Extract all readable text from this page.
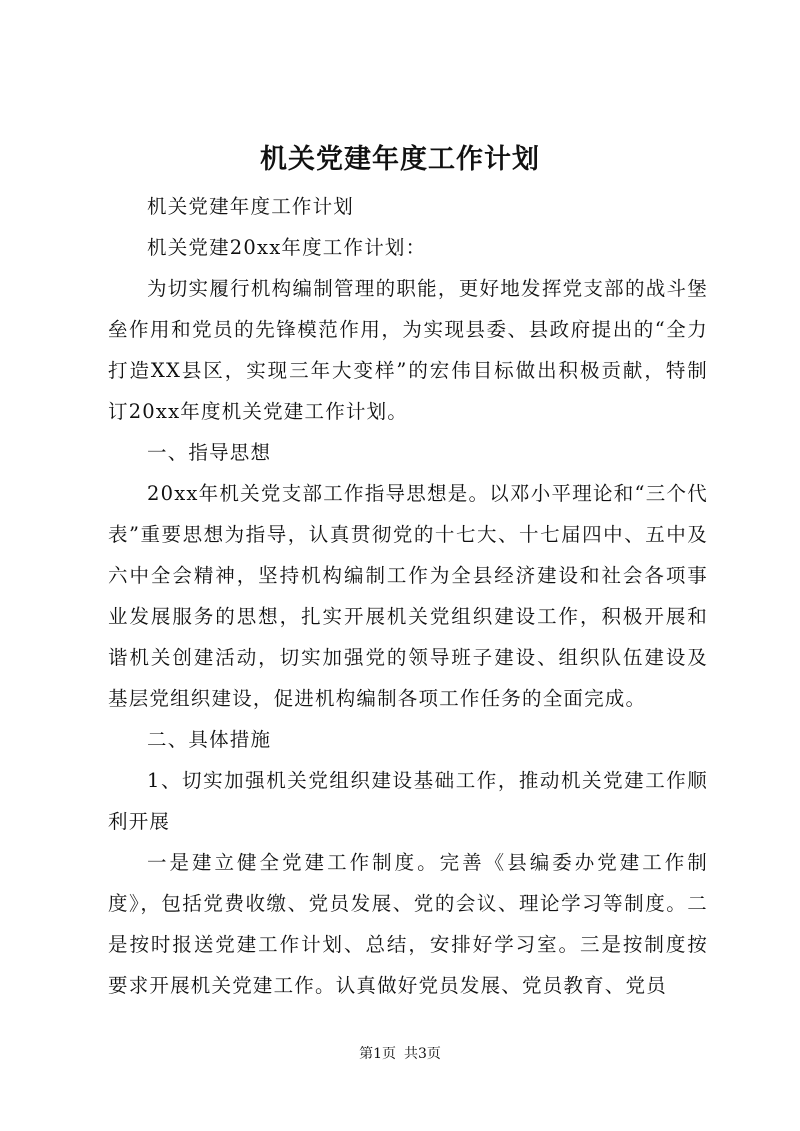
机关党建年度工作计划

机关党建年度工作计划

机关党建20xx年度工作计划：

为切实履行机构编制管理的职能，更好地发挥党支部的战斗堡垒作用和党员的先锋模范作用，为实现县委、县政府提出的“全力打造XX县区，实现三年大变样”的宏伟目标做出积极贡献，特制订20xx年度机关党建工作计划。

一、指导思想

20xx年机关党支部工作指导思想是。以邓小平理论和“三个代表”重要思想为指导，认真贯彻党的十七大、十七届四中、五中及六中全会精神，坚持机构编制工作为全县经济建设和社会各项事业发展服务的思想，扎实开展机关党组织建设工作，积极开展和谐机关创建活动，切实加强党的领导班子建设、组织队伍建设及基层党组织建设，促进机构编制各项工作任务的全面完成。

二、具体措施

1、切实加强机关党组织建设基础工作，推动机关党建工作顺利开展

一是建立健全党建工作制度。完善《县编委办党建工作制度》，包括党费收缴、党员发展、党的会议、理论学习等制度。二是按时报送党建工作计划、总结，安排好学习室。三是按制度按要求开展机关党建工作。认真做好党员发展、党员教育、党员

第1页 共3页
